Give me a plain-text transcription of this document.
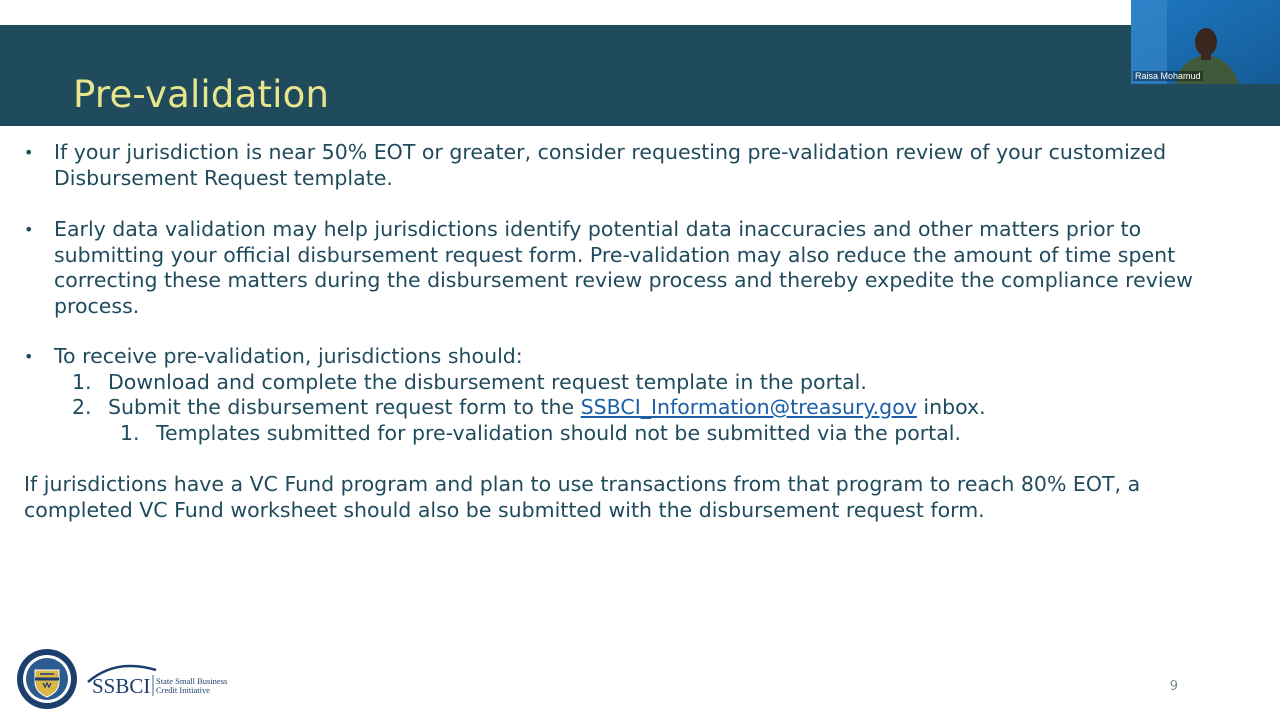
Pre-validation
• If your jurisdiction is near 50% EOT or greater, consider requesting pre-validation review of your customized
Disbursement Request template.
• Early data validation may help jurisdictions identify potential data inaccuracies and other matters prior to
submitting your official disbursement request form. Pre-validation may also reduce the amount of time spent
correcting these matters during the disbursement review process and thereby expedite the compliance review
process.
• To receive pre-validation, jurisdictions should:
1. Download and complete the disbursement request template in the portal.
2. Submit the disbursement request form to the SSBCI_Information@treasury.gov inbox.
1. Templates submitted for pre-validation should not be submitted via the portal.
If jurisdictions have a VC Fund program and plan to use transactions from that program to reach 80% EOT, a
completed VC Fund worksheet should also be submitted with the disbursement request form.
SSBCI State Small Business
Credit Initiative	9
Raisa Mohamud
